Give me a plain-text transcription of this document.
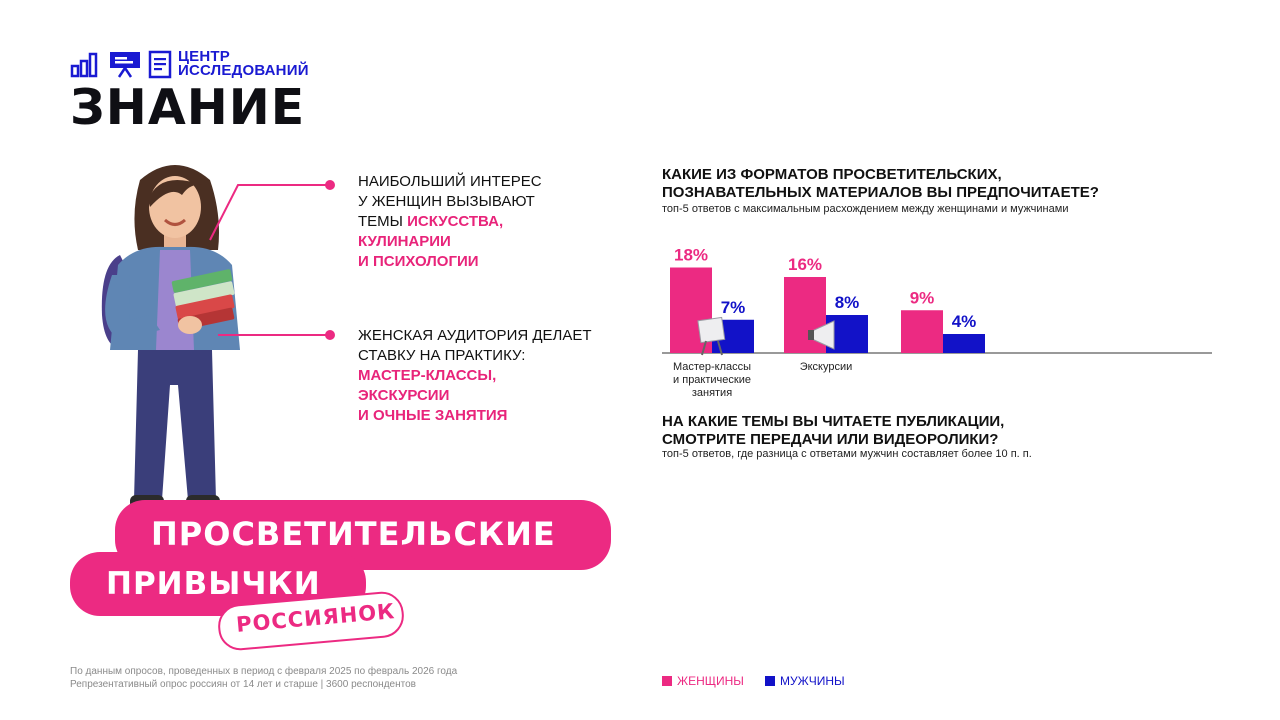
ЦЕНТР
ИССЛЕДОВАНИЙ
ЗНАНИЕ
НАИБОЛЬШИЙ ИНТЕРЕС
У ЖЕНЩИН ВЫЗЫВАЮТ
ТЕМЫ ИСКУССТВА,
КУЛИНАРИИ
И ПСИХОЛОГИИ
ЖЕНСКАЯ АУДИТОРИЯ ДЕЛАЕТ
СТАВКУ НА ПРАКТИКУ:
МАСТЕР-КЛАССЫ,
ЭКСКУРСИИ
И ОЧНЫЕ ЗАНЯТИЯ
ПРОСВЕТИТЕЛЬСКИЕ
ПРИВЫЧКИ
РОССИЯНОК
По данным опросов, проведенных в период с февраля 2025 по февраль 2026 года
Репрезентативный опрос россиян от 14 лет и старше | 3600 респондентов
КАКИЕ ИЗ ФОРМАТОВ ПРОСВЕТИТЕЛЬСКИХ,
ПОЗНАВАТЕЛЬНЫХ МАТЕРИАЛОВ ВЫ ПРЕДПОЧИТАЕТЕ?
топ-5 ответов с максимальным расхождением между женщинами и мужчинами
НА КАКИЕ ТЕМЫ ВЫ ЧИТАЕТЕ ПУБЛИКАЦИИ,
СМОТРИТЕ ПЕРЕДАЧИ ИЛИ ВИДЕОРОЛИКИ?
топ-5 ответов, где разница с ответами мужчин составляет более 10 п. п.
18%
7%
Мастер-классы
и практические
занятия
16%
8%
Экскурсии
9%
4%
ЖЕНЩИНЫ	МУЖЧИНЫ
